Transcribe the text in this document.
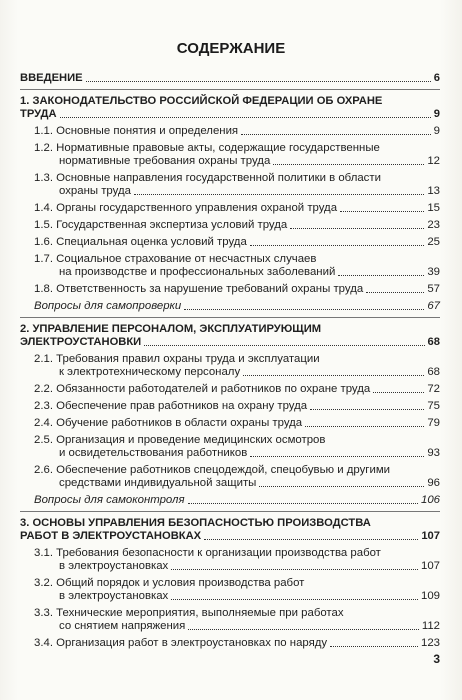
СОДЕРЖАНИЕ
ВВЕДЕНИЕ	6
1. ЗАКОНОДАТЕЛЬСТВО РОССИЙСКОЙ ФЕДЕРАЦИИ ОБ ОХРАНЕ
ТРУДА	9
1.1. Основные понятия и определения	9
1.2. Нормативные правовые акты, содержащие государственные
нормативные требования охраны труда	12
1.3. Основные направления государственной политики в области
охраны труда	13
1.4. Органы государственного управления охраной труда	15
1.5. Государственная экспертиза условий труда	23
1.6. Специальная оценка условий труда	25
1.7. Социальное страхование от несчастных случаев
на производстве и профессиональных заболеваний	39
1.8. Ответственность за нарушение требований охраны труда	57
Вопросы для самопроверки	67
2. УПРАВЛЕНИЕ ПЕРСОНАЛОМ, ЭКСПЛУАТИРУЮЩИМ
ЭЛЕКТРОУСТАНОВКИ	68
2.1. Требования правил охраны труда и эксплуатации
к электротехническому персоналу	68
2.2. Обязанности работодателей и работников по охране труда	72
2.3. Обеспечение прав работников на охрану труда	75
2.4. Обучение работников в области охраны труда	79
2.5. Организация и проведение медицинских осмотров
и освидетельствования работников	93
2.6. Обеспечение работников спецодеждой, спецобувью и другими
средствами индивидуальной защиты	96
Вопросы для самоконтроля	106
3. ОСНОВЫ УПРАВЛЕНИЯ БЕЗОПАСНОСТЬЮ ПРОИЗВОДСТВА
РАБОТ В ЭЛЕКТРОУСТАНОВКАХ	107
3.1. Требования безопасности к организации производства работ
в электроустановках	107
3.2. Общий порядок и условия производства работ
в электроустановках	109
3.3. Технические мероприятия, выполняемые при работах
со снятием напряжения	112
3.4. Организация работ в электроустановках по наряду	123
3
